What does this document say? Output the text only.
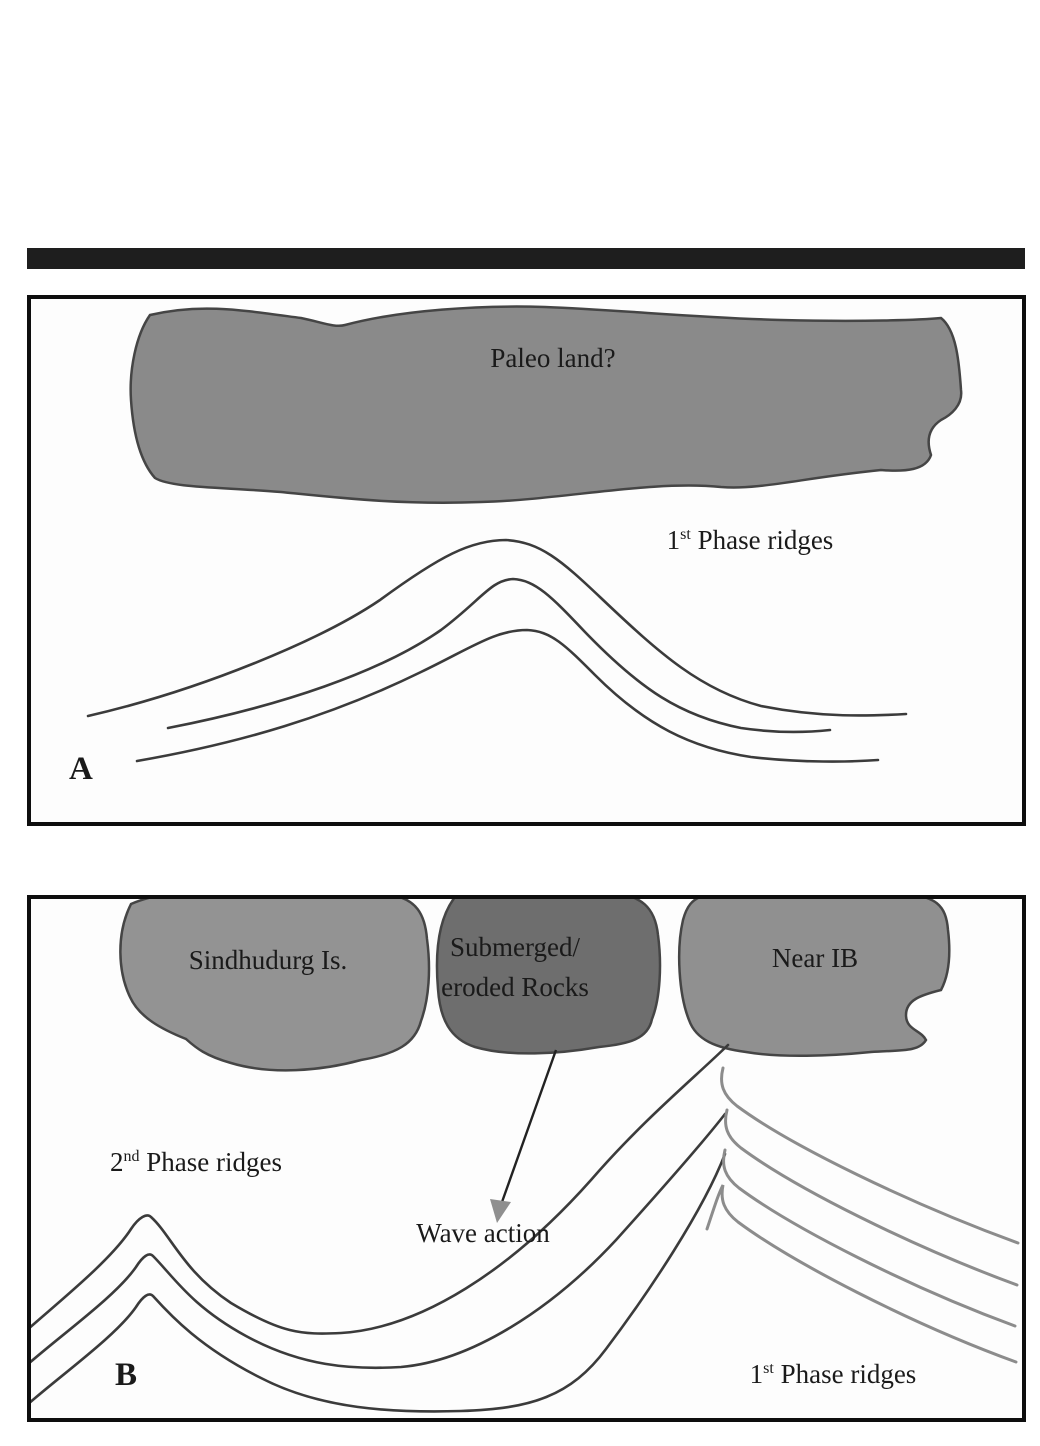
Paleo land?
1st Phase ridges
A
Sindhudurg Is.	Submerged/
eroded Rocks
Near IB
2nd Phase ridges
Wave action
1st Phase ridges
B
